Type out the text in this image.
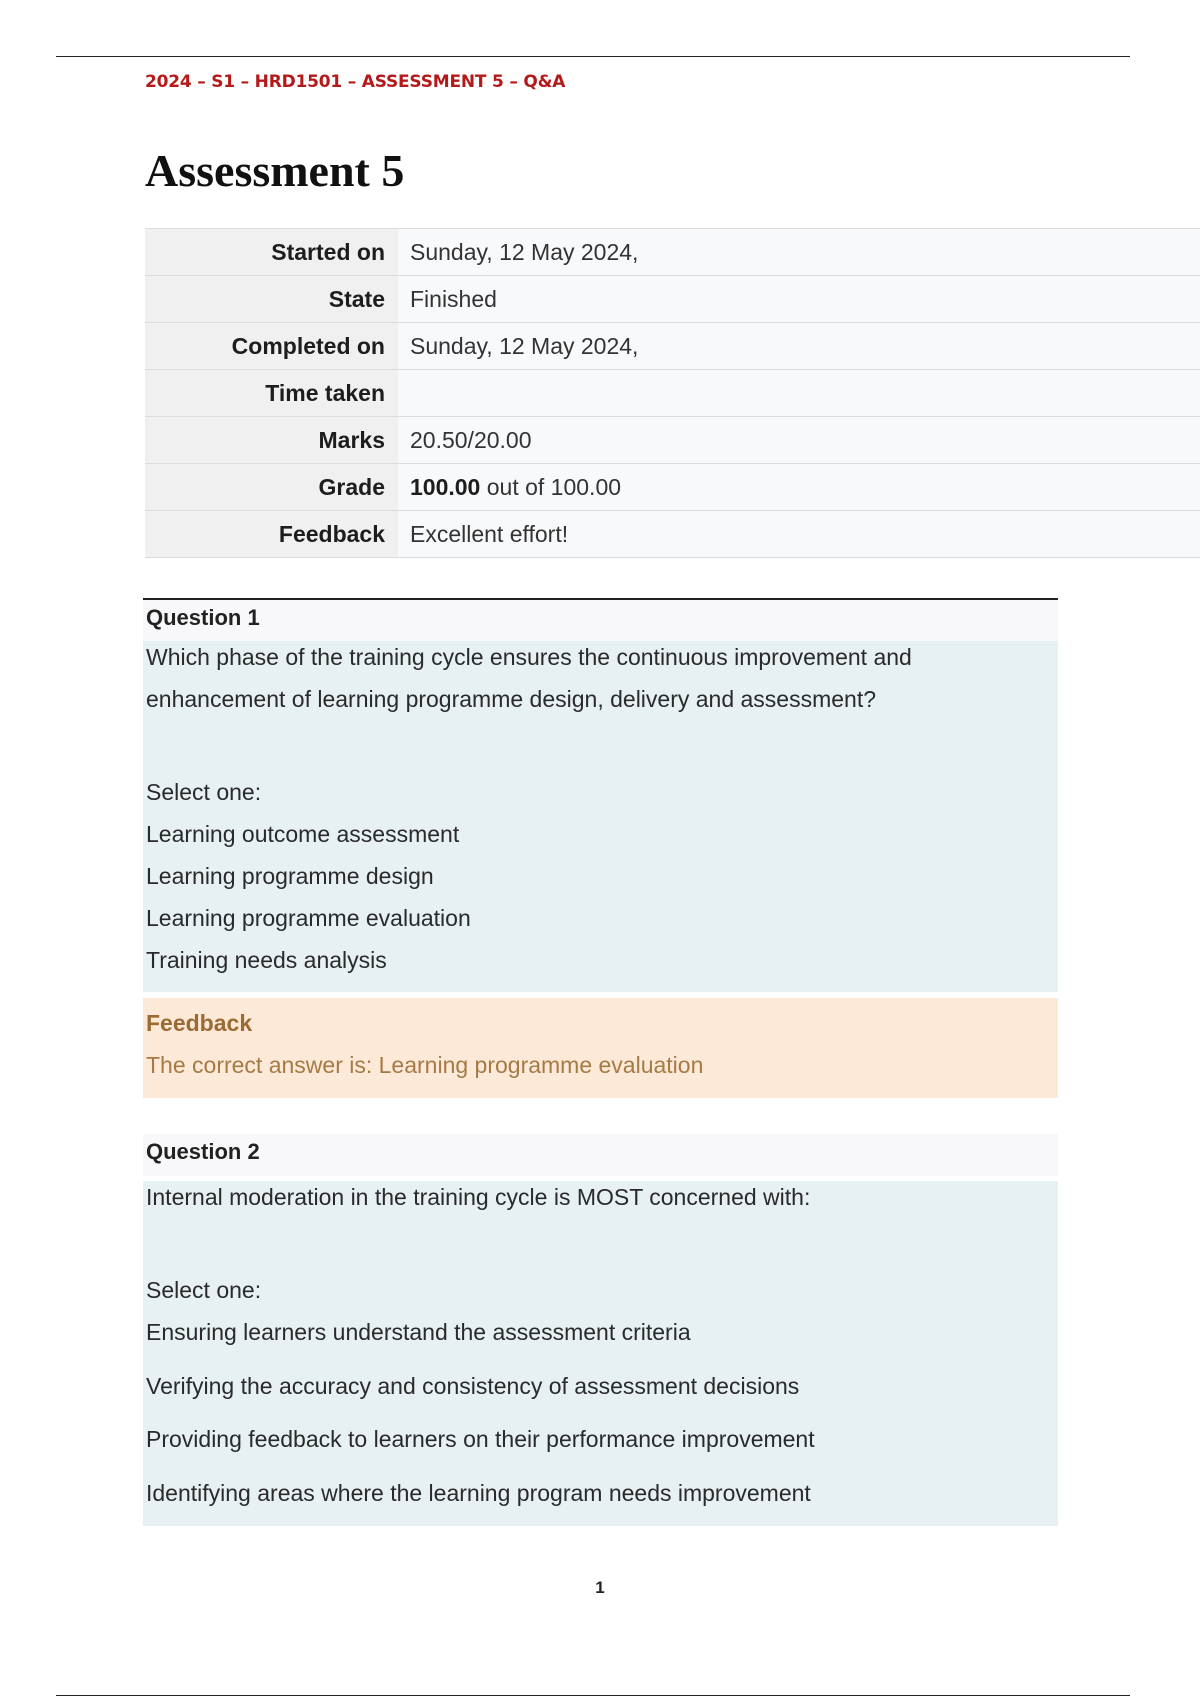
2024 – S1 – HRD1501 – ASSESSMENT 5 – Q&A
Assessment 5
Started on	Sunday, 12 May 2024,
State	Finished
Completed on	Sunday, 12 May 2024,
Time taken	
Marks	20.50/20.00
Grade	100.00 out of 100.00
Feedback	Excellent effort!
Question 1
Which phase of the training cycle ensures the continuous improvement and
enhancement of learning programme design, delivery and assessment?
Select one:
Learning outcome assessment
Learning programme design
Learning programme evaluation
Training needs analysis
Feedback
The correct answer is: Learning programme evaluation
Question 2
Internal moderation in the training cycle is MOST concerned with:
Select one:
Ensuring learners understand the assessment criteria
Verifying the accuracy and consistency of assessment decisions
Providing feedback to learners on their performance improvement
Identifying areas where the learning program needs improvement
1
